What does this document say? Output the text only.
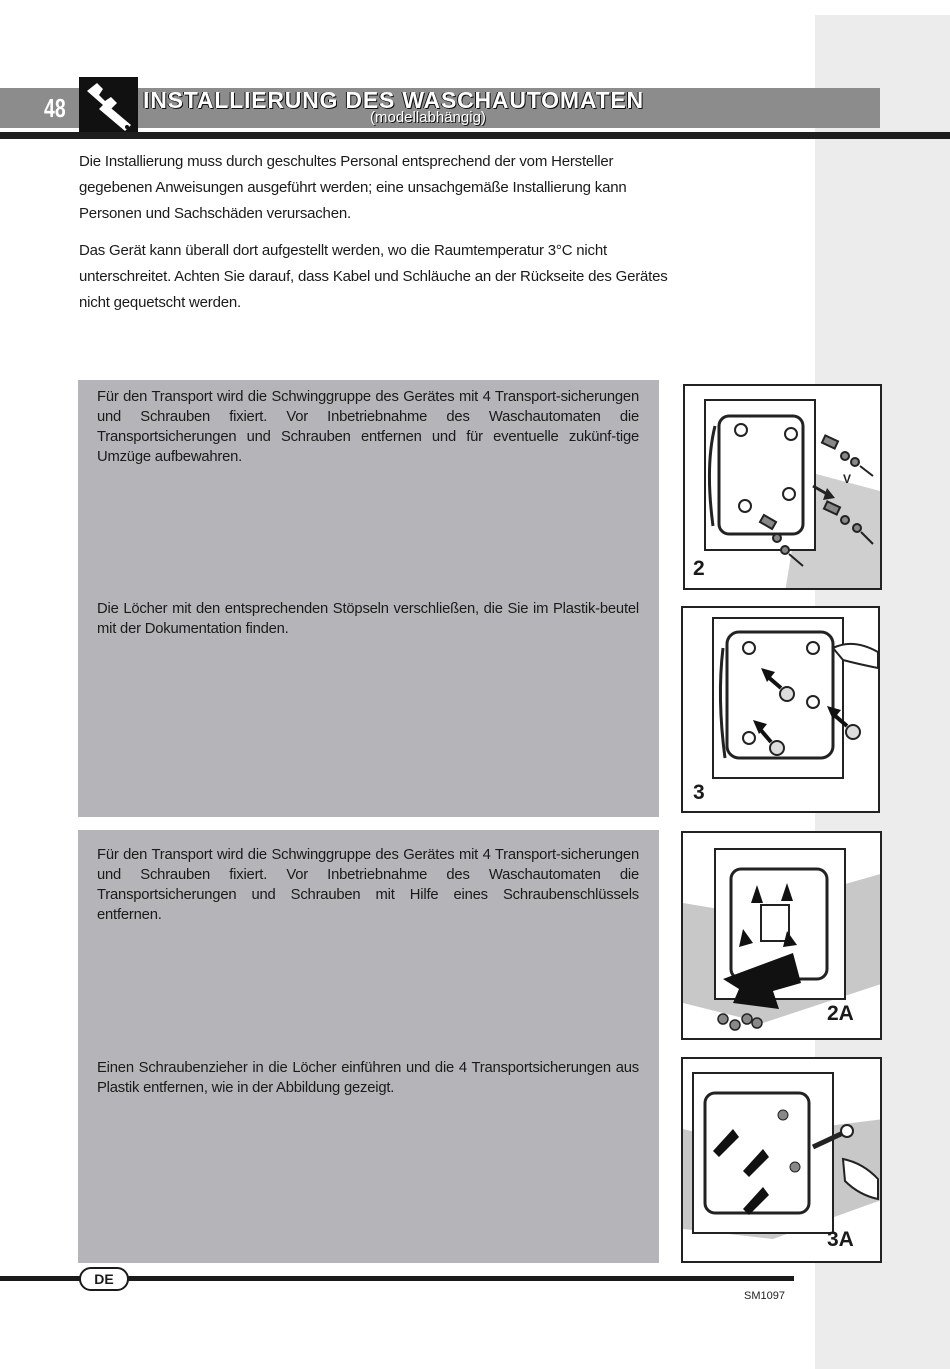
48	INSTALLIERUNG DES WASCHAUTOMATEN
(modellabhängig)

Die Installierung muss durch geschultes Personal entsprechend der vom Hersteller gegebenen Anweisungen ausgeführt werden; eine unsachgemäße Installierung kann Personen und Sachschäden verursachen.

Das Gerät kann überall dort aufgestellt werden, wo die Raumtemperatur 3°C nicht unterschreitet. Achten Sie darauf, dass Kabel und Schläuche an der Rückseite des Gerätes nicht gequetscht werden.

Für den Transport wird die Schwinggruppe des Gerätes mit 4 Transport-sicherungen und Schrauben fixiert. Vor Inbetriebnahme des Waschautomaten die Transportsicherungen und Schrauben entfernen und für eventuelle zukünf-tige Umzüge aufbewahren.

Die Löcher mit den entsprechenden Stöpseln verschließen, die Sie im Plastik-beutel mit der Dokumentation finden.

Für den Transport wird die Schwinggruppe des Gerätes mit 4 Transport-sicherungen und Schrauben fixiert. Vor Inbetriebnahme des Waschautomaten die Transportsicherungen und Schrauben mit Hilfe eines Schraubenschlüssels entfernen.

Einen Schraubenzieher in die Löcher einführen und die 4 Transportsicherungen aus Plastik entfernen, wie in der Abbildung gezeigt.

V
2
3
2A
3A
DE
SM1097
